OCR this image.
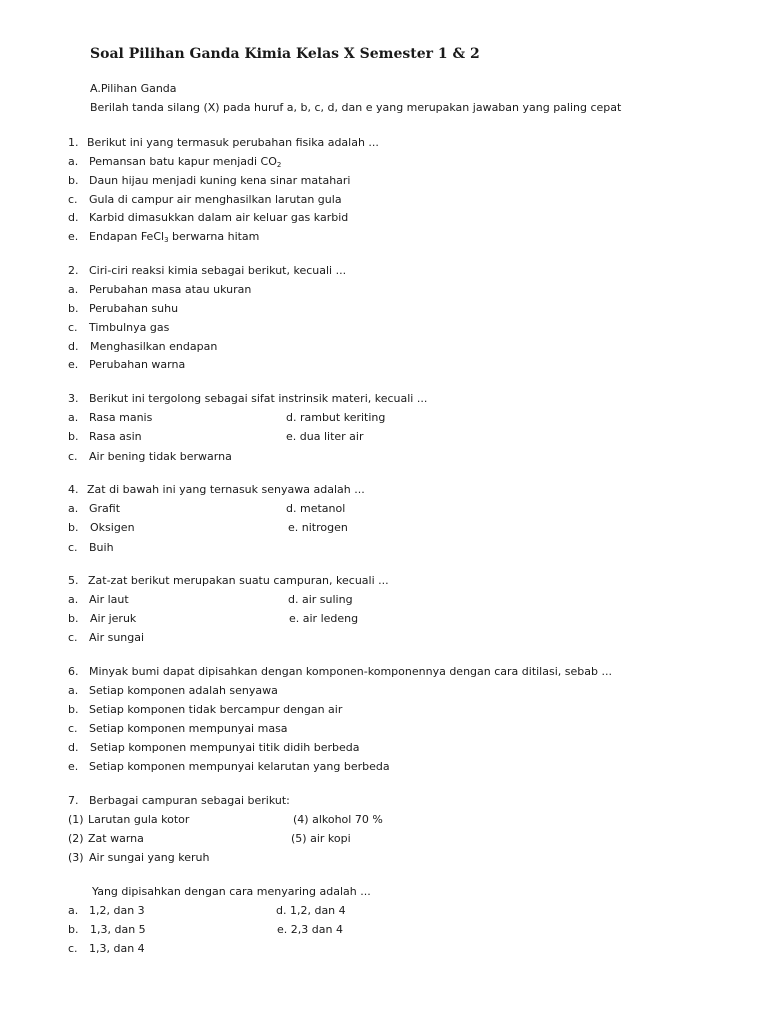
Soal Pilihan Ganda Kimia Kelas X Semester 1 & 2
A.Pilihan Ganda
Berilah tanda silang (X) pada huruf a, b, c, d, dan e yang merupakan jawaban yang paling cepat
1. Berikut ini yang termasuk perubahan fisika adalah ...
a. Pemansan batu kapur menjadi $CO_2$
b. Daun hijau menjadi kuning kena sinar matahari
c. Gula di campur air menghasilkan larutan gula
d. Karbid dimasukkan dalam air keluar gas karbid
e. Endapan FeCl$_3$ berwarna hitam
2. Ciri-ciri reaksi kimia sebagai berikut, kecuali ...
a. Perubahan masa atau ukuran
b. Perubahan suhu
c. Timbulnya gas
d. Menghasilkan endapan
e. Perubahan warna
3. Berikut ini tergolong sebagai sifat instrinsik materi, kecuali ...
a. Rasa manis	d. rambut keriting
b. Rasa asin	e. dua liter air
c. Air bening tidak berwarna
4. Zat di bawah ini yang ternasuk senyawa adalah ...
a. Grafit	d. metanol
b. Oksigen	e. nitrogen
c. Buih
5. Zat-zat berikut merupakan suatu campuran, kecuali ...
a. Air laut	d. air suling
b. Air jeruk	e. air ledeng
c. Air sungai
6. Minyak bumi dapat dipisahkan dengan komponen-komponennya dengan cara ditilasi, sebab ...
a. Setiap komponen adalah senyawa
b. Setiap komponen tidak bercampur dengan air
c. Setiap komponen mempunyai masa
d. Setiap komponen mempunyai titik didih berbeda
e. Setiap komponen mempunyai kelarutan yang berbeda
7. Berbagai campuran sebagai berikut:
(1) Larutan gula kotor	(4) alkohol 70 %
(2) Zat warna	(5) air kopi
(3) Air sungai yang keruh
Yang dipisahkan dengan cara menyaring adalah ...
a. 1,2, dan 3	d. 1,2, dan 4
b. 1,3, dan 5	e. 2,3 dan 4
c. 1,3, dan 4
